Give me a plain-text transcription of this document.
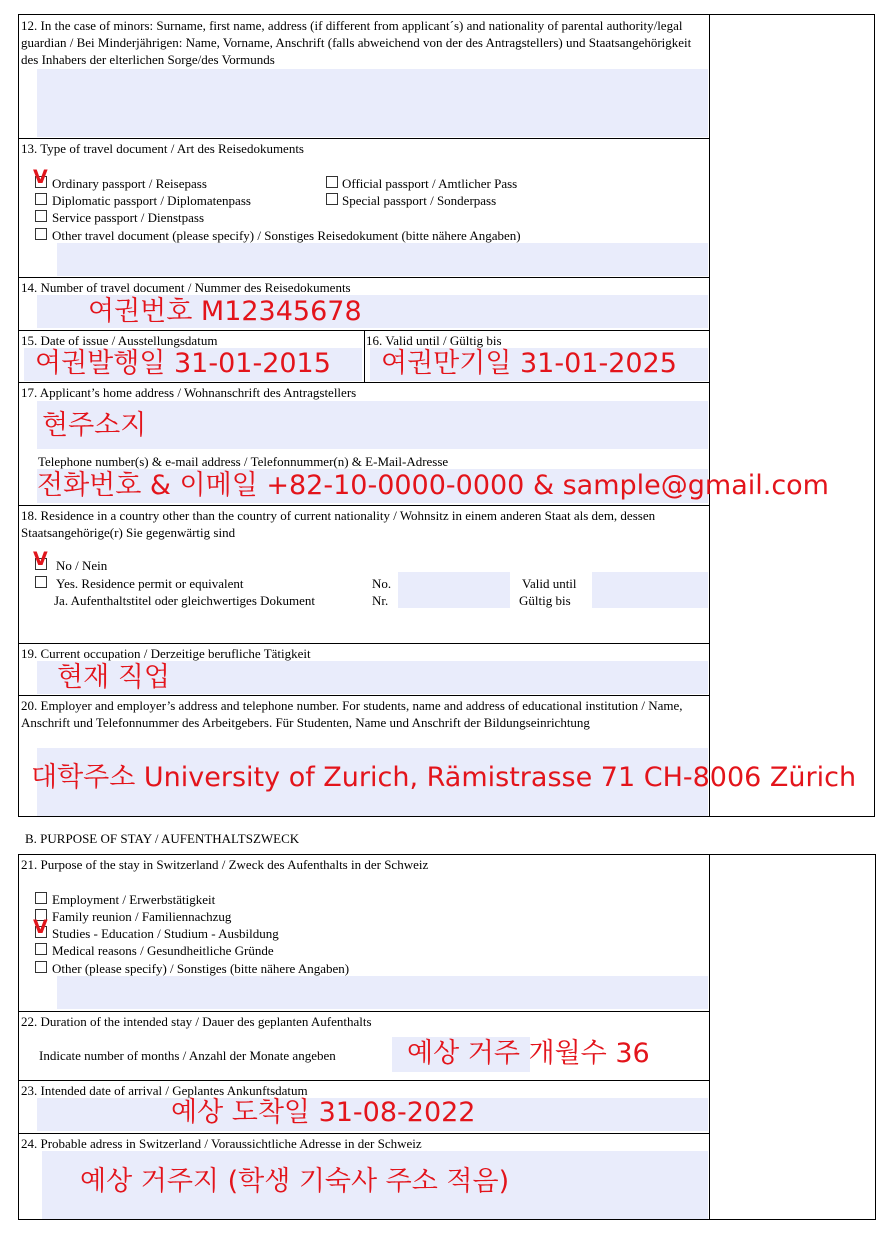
12. In the case of minors: Surname, first name, address (if different from applicant´s) and nationality of parental authority/legal guardian / Bei Minderjährigen: Name, Vorname, Anschrift (falls abweichend von der des Antragstellers) und Staatsangehörigkeit des Inhabers der elterlichen Sorge/des Vormunds
13. Type of travel document / Art des Reisedokuments
V Ordinary passport / Reisepass	Official passport / Amtlicher Pass
Diplomatic passport / Diplomatenpass	Special passport / Sonderpass
Service passport / Dienstpass
Other travel document (please specify) / Sonstiges Reisedokument (bitte nähere Angaben)
14. Number of travel document / Nummer des Reisedokuments
여권번호 M12345678
15. Date of issue / Ausstellungsdatum
여권발행일 31-01-2015
16. Valid until / Gültig bis
여권만기일 31-01-2025
17. Applicant’s home address / Wohnanschrift des Antragstellers
현주소지
Telephone number(s) & e-mail address / Telefonnummer(n) & E-Mail-Adresse
전화번호 & 이메일 +82-10-0000-0000 & sample@gmail.com
18. Residence in a country other than the country of current nationality / Wohnsitz in einem anderen Staat als dem, dessen Staatsangehörige(r) Sie gegenwärtig sind
V No / Nein
Yes. Residence permit or equivalent
Ja. Aufenthaltstitel oder gleichwertiges Dokument
No.
Nr.
Valid until
Gültig bis
19. Current occupation / Derzeitige berufliche Tätigkeit
현재 직업
20. Employer and employer’s address and telephone number. For students, name and address of educational institution / Name, Anschrift und Telefonnummer des Arbeitgebers. Für Studenten, Name und Anschrift der Bildungseinrichtung
대학주소 University of Zurich, Rämistrasse 71 CH-8006 Zürich
B. PURPOSE OF STAY / AUFENTHALTSZWECK
21. Purpose of the stay in Switzerland / Zweck des Aufenthalts in der Schweiz
Employment / Erwerbstätigkeit
Family reunion / Familiennachzug
V Studies - Education / Studium - Ausbildung
Medical reasons / Gesundheitliche Gründe
Other (please specify) / Sonstiges (bitte nähere Angaben)
22. Duration of the intended stay / Dauer des geplanten Aufenthalts
Indicate number of months / Anzahl der Monate angeben	예상 거주 개월수 36
23. Intended date of arrival / Geplantes Ankunftsdatum
예상 도착일 31-08-2022
24. Probable adress in Switzerland / Voraussichtliche Adresse in der Schweiz
예상 거주지 (학생 기숙사 주소 적음)
